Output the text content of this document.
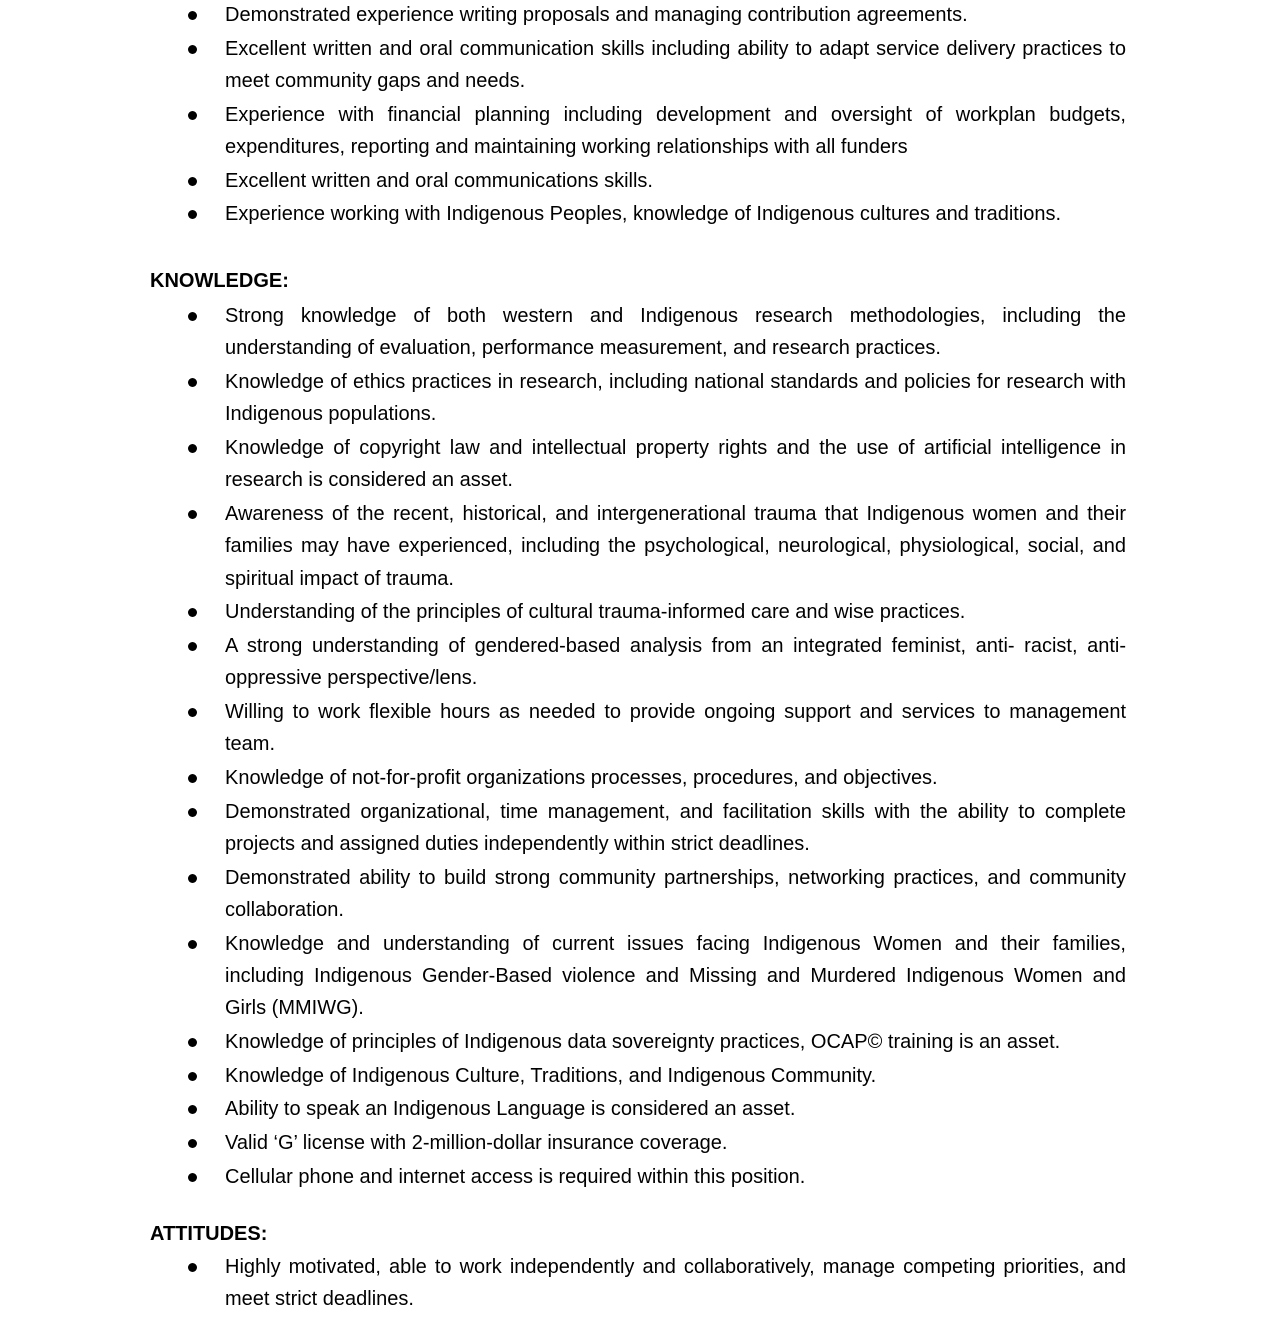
Demonstrated experience writing proposals and managing contribution agreements.
Excellent written and oral communication skills including ability to adapt service delivery practices to meet community gaps and needs.
Experience with financial planning including development and oversight of workplan budgets, expenditures, reporting and maintaining working relationships with all funders
Excellent written and oral communications skills.
Experience working with Indigenous Peoples, knowledge of Indigenous cultures and traditions.
KNOWLEDGE:
Strong knowledge of both western and Indigenous research methodologies, including the understanding of evaluation, performance measurement, and research practices.
Knowledge of ethics practices in research, including national standards and policies for research with Indigenous populations.
Knowledge of copyright law and intellectual property rights and the use of artificial intelligence in research is considered an asset.
Awareness of the recent, historical, and intergenerational trauma that Indigenous women and their families may have experienced, including the psychological, neurological, physiological, social, and spiritual impact of trauma.
Understanding of the principles of cultural trauma-informed care and wise practices.
A strong understanding of gendered-based analysis from an integrated feminist, anti- racist, anti-oppressive perspective/lens.
Willing to work flexible hours as needed to provide ongoing support and services to management team.
Knowledge of not-for-profit organizations processes, procedures, and objectives.
Demonstrated organizational, time management, and facilitation skills with the ability to complete projects and assigned duties independently within strict deadlines.
Demonstrated ability to build strong community partnerships, networking practices, and community collaboration.
Knowledge and understanding of current issues facing Indigenous Women and their families, including Indigenous Gender-Based violence and Missing and Murdered Indigenous Women and Girls (MMIWG).
Knowledge of principles of Indigenous data sovereignty practices, OCAP© training is an asset.
Knowledge of Indigenous Culture, Traditions, and Indigenous Community.
Ability to speak an Indigenous Language is considered an asset.
Valid ‘G’ license with 2-million-dollar insurance coverage.
Cellular phone and internet access is required within this position.
ATTITUDES:
Highly motivated, able to work independently and collaboratively, manage competing priorities, and meet strict deadlines.
